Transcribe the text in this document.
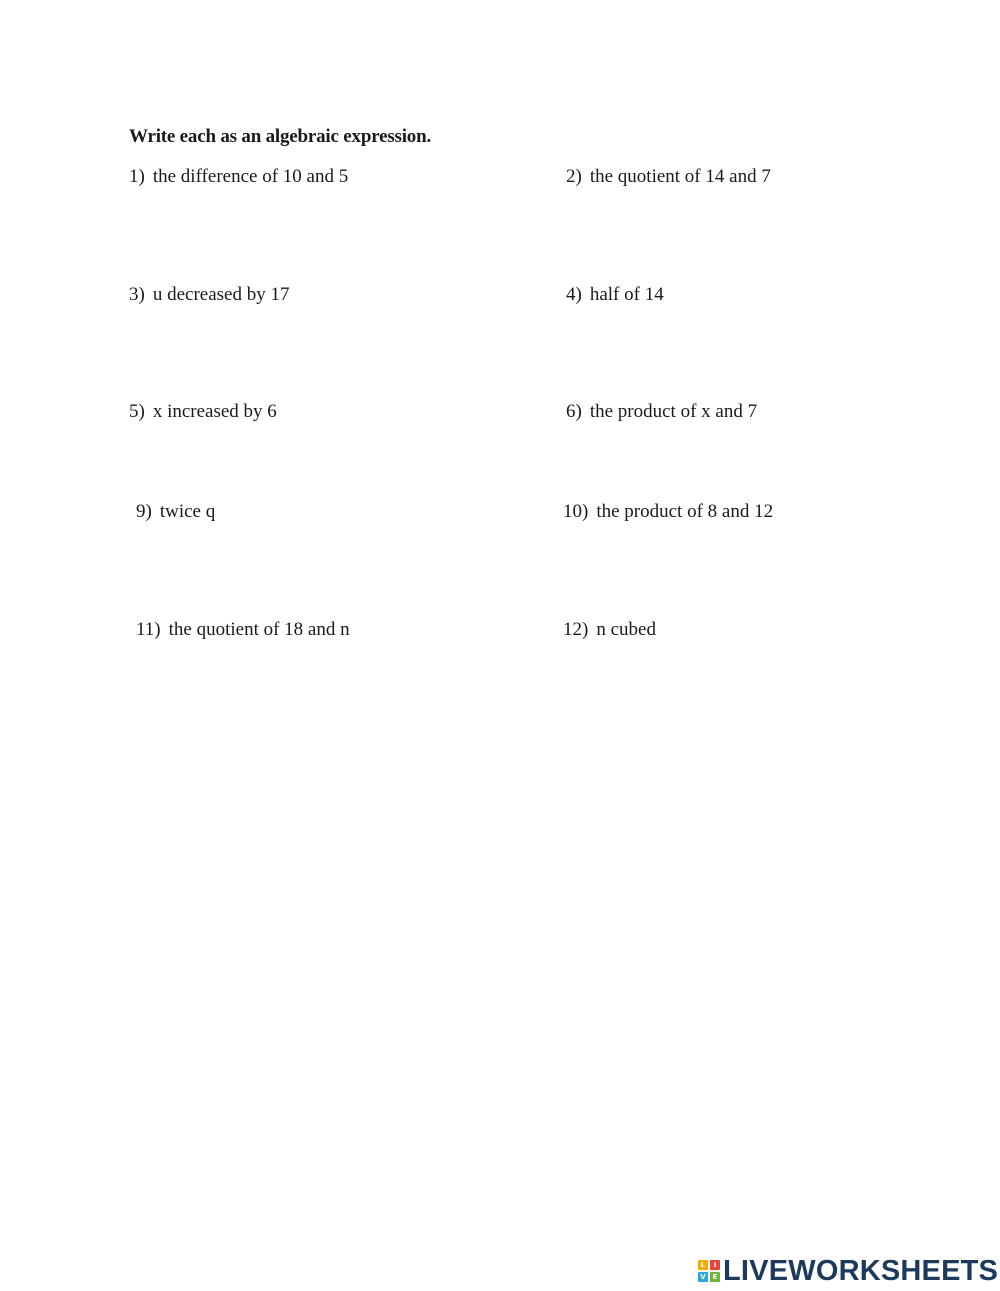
Write each as an algebraic expression.
1) the difference of 10 and 5	2) the quotient of 14 and 7
3) u decreased by 17	4) half of 14
5) x increased by 6	6) the product of x and 7
9) twice q	10) the product of 8 and 12
11) the quotient of 18 and n	12) n cubed
L	I
V E LIVEWORKSHEETS
